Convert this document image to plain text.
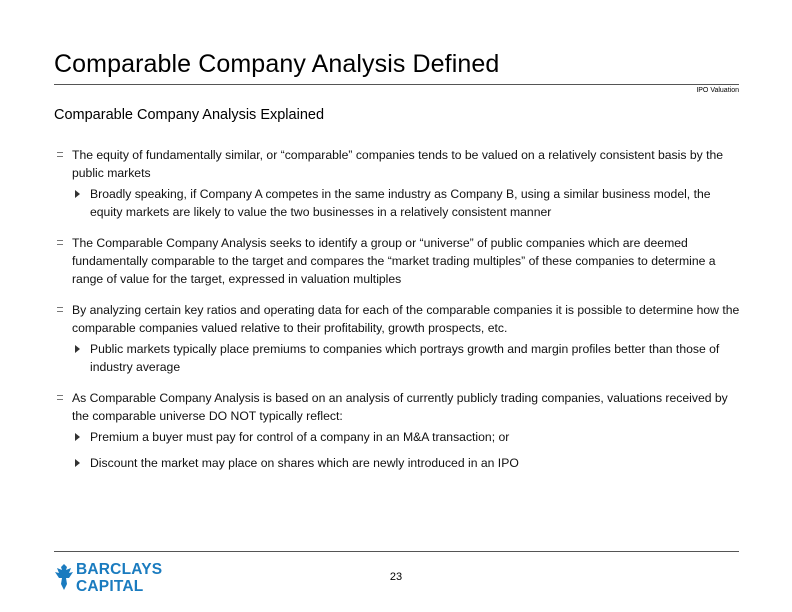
Comparable Company Analysis Defined
IPO Valuation
Comparable Company Analysis Explained
The equity of fundamentally similar, or “comparable” companies tends to be valued on a relatively consistent basis by the public markets
Broadly speaking, if Company A competes in the same industry as Company B, using a similar business model, the equity markets are likely to value the two businesses in a relatively consistent manner
The Comparable Company Analysis seeks to identify a group or “universe” of public companies which are deemed fundamentally comparable to the target and compares the “market trading multiples” of these companies to determine a range of value for the target, expressed in valuation multiples
By analyzing certain key ratios and operating data for each of the comparable companies it is possible to determine how the comparable companies valued relative to their profitability, growth prospects, etc.
Public markets typically place premiums to companies which portrays growth and margin profiles better than those of industry average
As Comparable Company Analysis is based on an analysis of currently publicly trading companies, valuations received by the comparable universe DO NOT typically reflect:
Premium a buyer must pay for control of a company in an M&A transaction; or
Discount the market may place on shares which are newly introduced in an IPO
BARCLAYS
CAPITAL
23
